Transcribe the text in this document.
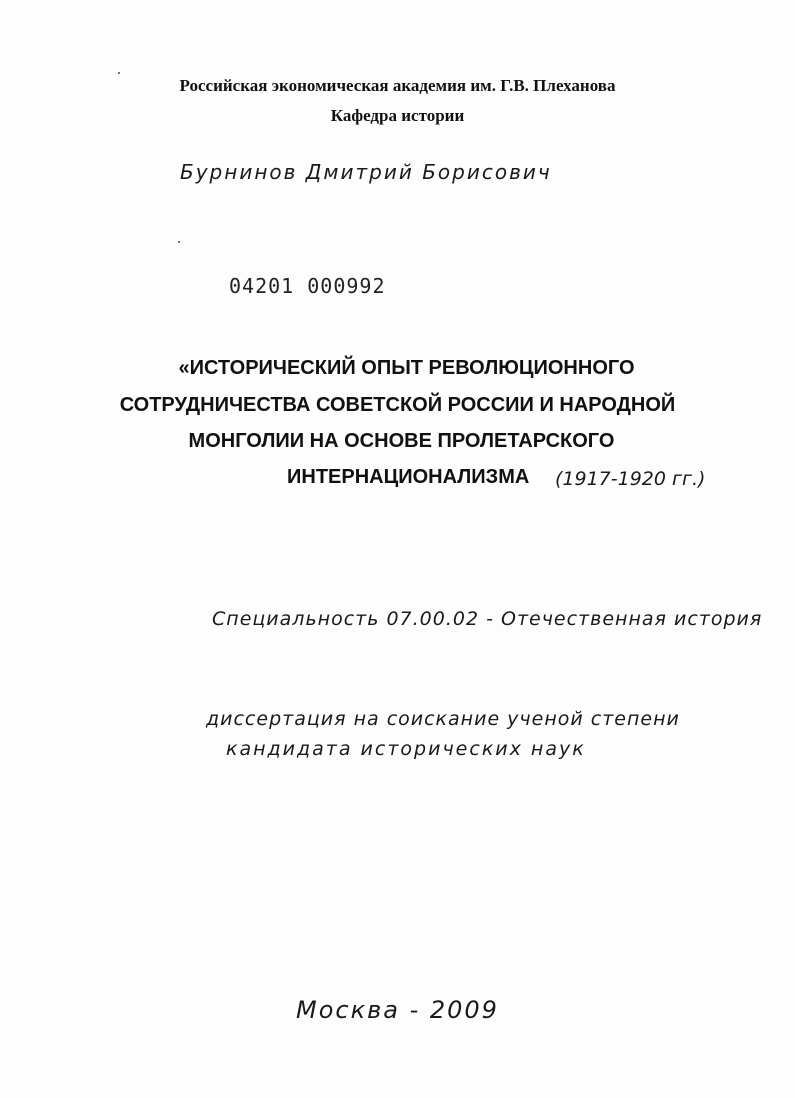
Российская экономическая академия им. Г.В. Плеханова
Кафедра истории
Бурнинов Дмитрий Борисович
04201 000992
«ИСТОРИЧЕСКИЙ ОПЫТ РЕВОЛЮЦИОННОГО
СОТРУДНИЧЕСТВА СОВЕТСКОЙ РОССИИ И НАРОДНОЙ
МОНГОЛИИ НА ОСНОВЕ ПРОЛЕТАРСКОГО
ИНТЕРНАЦИОНАЛИЗМА (1917-1920 гг.)
Специальность 07.00.02 - Отечественная история
диссертация на соискание ученой степени
кандидата исторических наук
Москва - 2009
